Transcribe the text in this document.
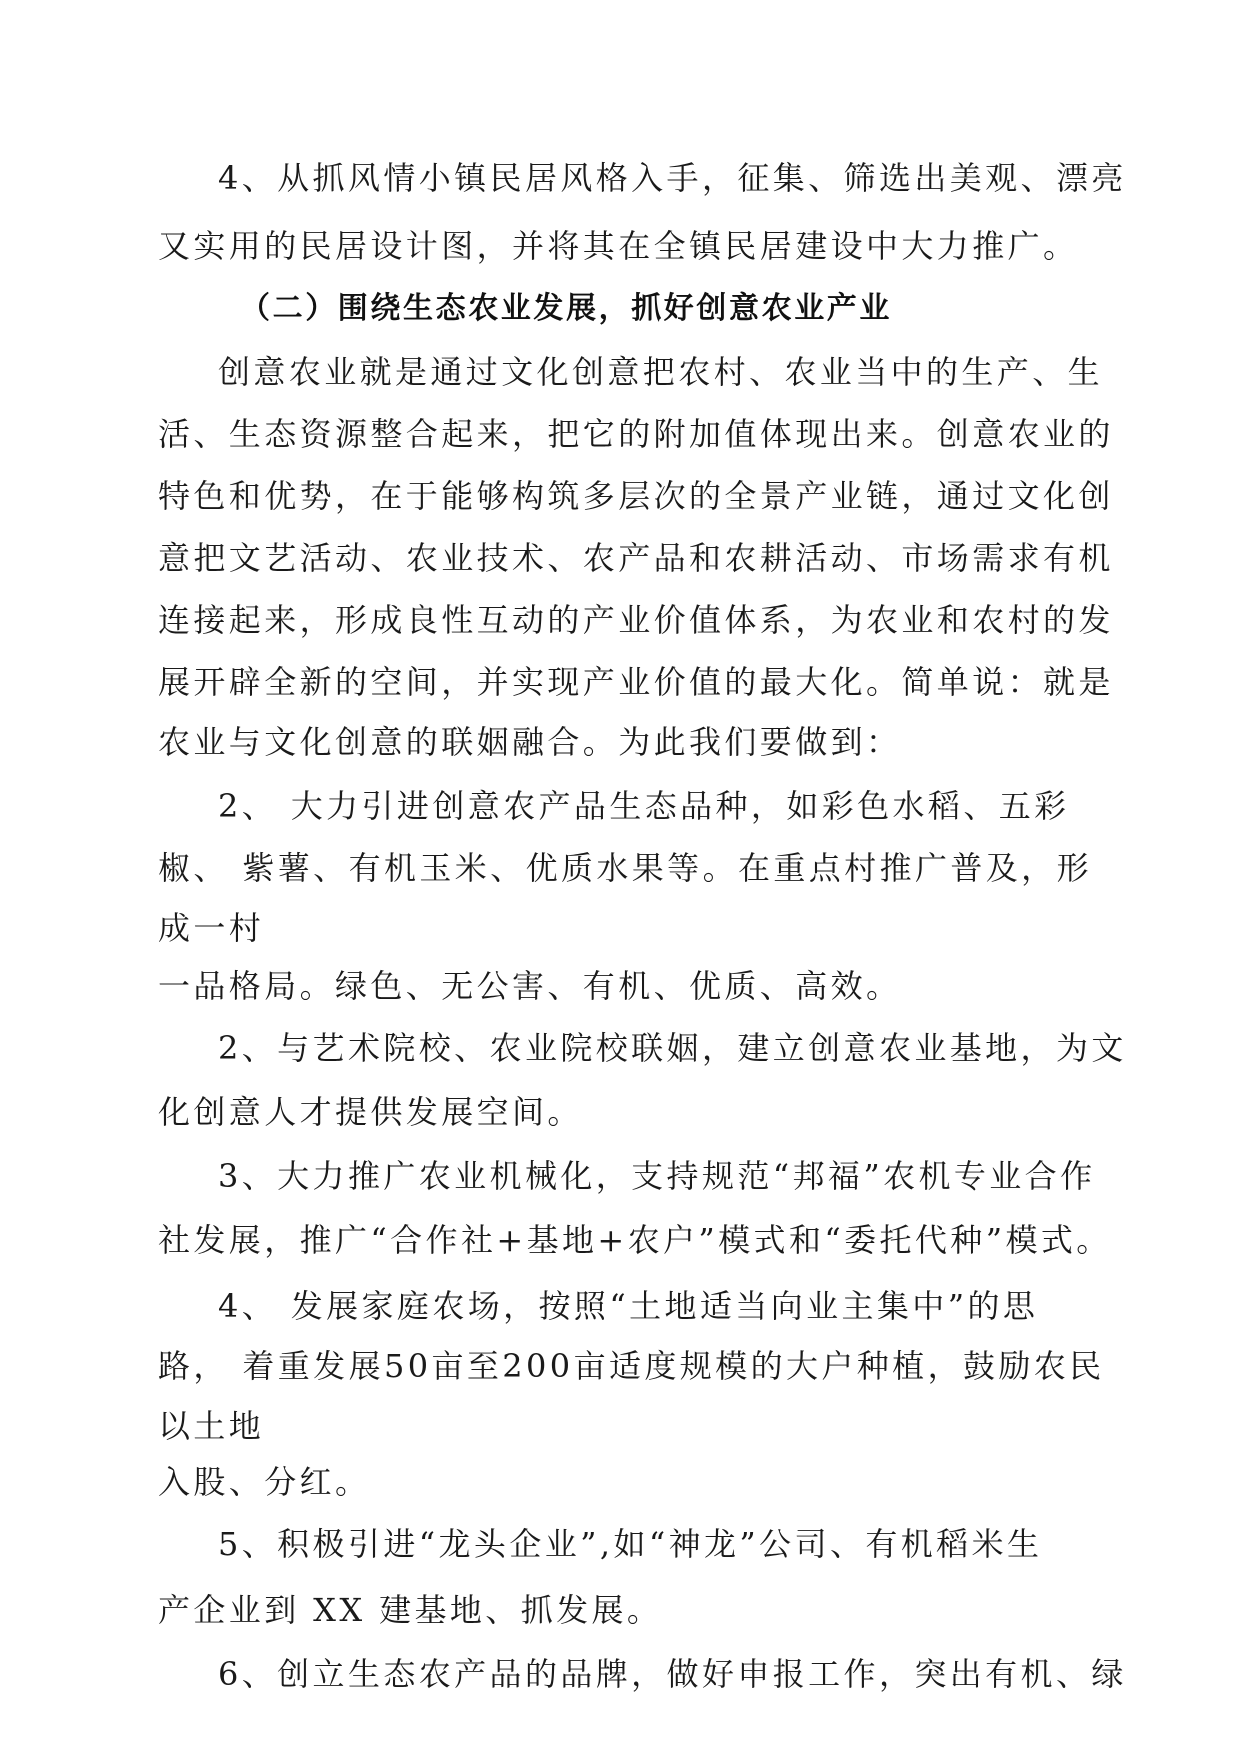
4、从抓风情小镇民居风格入手，征集、筛选出美观、漂亮

又实用的民居设计图，并将其在全镇民居建设中大力推广。

（二）围绕生态农业发展，抓好创意农业产业

创意农业就是通过文化创意把农村、农业当中的生产、生

活、生态资源整合起来，把它的附加值体现出来。创意农业的

特色和优势，在于能够构筑多层次的全景产业链，通过文化创

意把文艺活动、农业技术、农产品和农耕活动、市场需求有机

连接起来，形成良性互动的产业价值体系，为农业和农村的发

展开辟全新的空间，并实现产业价值的最大化。简单说：就是

农业与文化创意的联姻融合。为此我们要做到：

2、 大力引进创意农产品生态品种，如彩色水稻、五彩

椒、 紫薯、有机玉米、优质水果等。在重点村推广普及，形

成一村

一品格局。绿色、无公害、有机、优质、高效。

2、与艺术院校、农业院校联姻，建立创意农业基地，为文

化创意人才提供发展空间。

3、大力推广农业机械化，支持规范“邦福”农机专业合作

社发展，推广“合作社+基地+农户”模式和“委托代种”模式。

4、 发展家庭农场，按照“土地适当向业主集中”的思

路， 着重发展50亩至200亩适度规模的大户种植，鼓励农民

以土地

入股、分红。

5、积极引进“龙头企业”,如“神龙”公司、有机稻米生

产企业到 XX 建基地、抓发展。

6、创立生态农产品的品牌，做好申报工作，突出有机、绿
